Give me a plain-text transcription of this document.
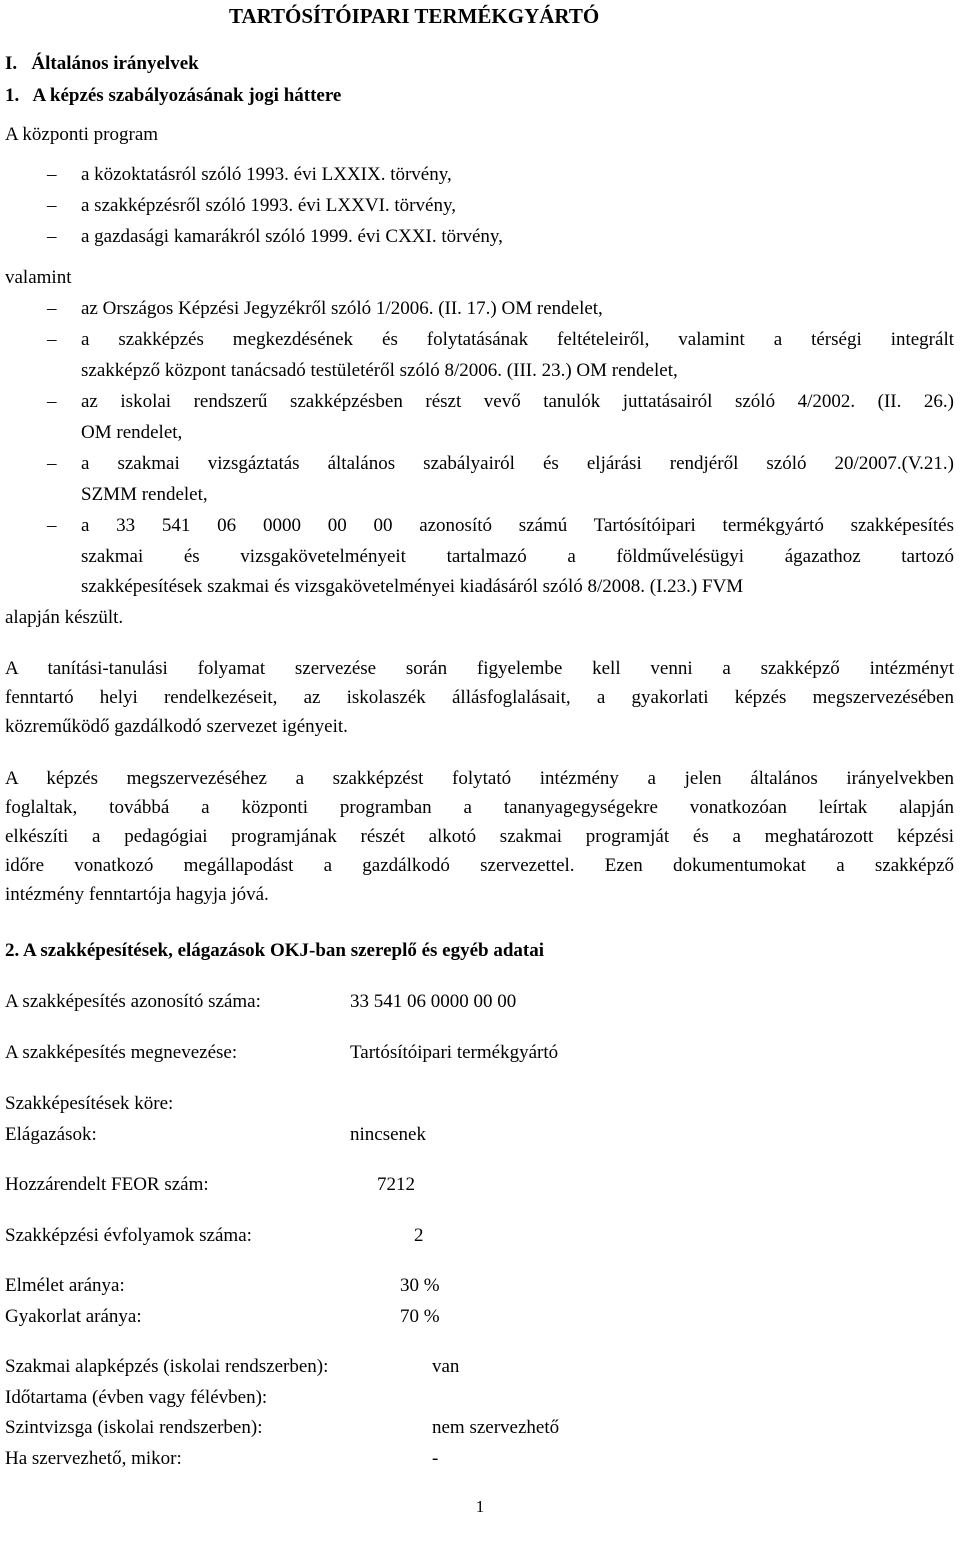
TARTÓSÍTÓIPARI TERMÉKGYÁRTÓ
I.   Általános irányelvek
1.   A képzés szabályozásának jogi háttere
A központi program
–
a közoktatásról szóló 1993. évi LXXIX. törvény,
–
a szakképzésről szóló 1993. évi LXXVI. törvény,
–
a gazdasági kamarákról szóló 1999. évi CXXI. törvény,
valamint
–
az Országos Képzési Jegyzékről szóló 1/2006. (II. 17.) OM rendelet,
–
a szakképzés megkezdésének és folytatásának feltételeiről, valamint a térségi integrált
szakképző központ tanácsadó testületéről szóló 8/2006. (III. 23.) OM rendelet,
–
az iskolai rendszerű szakképzésben részt vevő tanulók juttatásairól szóló 4/2002. (II. 26.)
OM rendelet,
–
a szakmai vizsgáztatás általános szabályairól és eljárási rendjéről szóló 20/2007.(V.21.)
SZMM rendelet,
–
a 33 541 06 0000 00 00 azonosító számú Tartósítóipari termékgyártó szakképesítés
szakmai és vizsgakövetelményeit tartalmazó a földművelésügyi ágazathoz tartozó
szakképesítések szakmai és vizsgakövetelményei kiadásáról szóló 8/2008. (I.23.) FVM
alapján készült.
A tanítási-tanulási folyamat szervezése során figyelembe kell venni a szakképző intézményt
fenntartó helyi rendelkezéseit, az iskolaszék állásfoglalásait, a gyakorlati képzés megszervezésében
közreműködő gazdálkodó szervezet igényeit.
A képzés megszervezéséhez a szakképzést folytató intézmény a jelen általános irányelvekben
foglaltak, továbbá a központi programban a tananyagegységekre vonatkozóan leírtak alapján
elkészíti a pedagógiai programjának részét alkotó szakmai programját és a meghatározott képzési
időre vonatkozó megállapodást a gazdálkodó szervezettel. Ezen dokumentumokat a szakképző
intézmény fenntartója hagyja jóvá.
2. A szakképesítések, elágazások OKJ-ban szereplő és egyéb adatai
A szakképesítés azonosító száma:	33 541 06 0000 00 00
A szakképesítés megnevezése:	Tartósítóipari termékgyártó
Szakképesítések köre:
Elágazások:	nincsenek
Hozzárendelt FEOR szám:	7212
Szakképzési évfolyamok száma:	2
Elmélet aránya:	30 %
Gyakorlat aránya:	70 %
Szakmai alapképzés (iskolai rendszerben):	van
Időtartama (évben vagy félévben):
Szintvizsga (iskolai rendszerben):	nem szervezhető
Ha szervezhető, mikor:	-
1
